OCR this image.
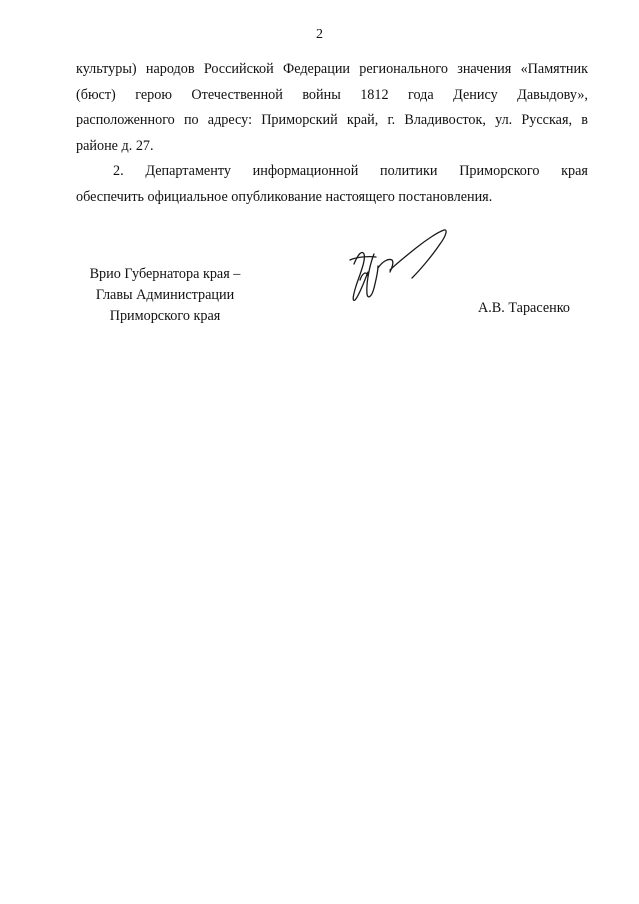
2
культуры) народов Российской Федерации регионального значения «Памятник
(бюст) герою Отечественной войны 1812 года Денису Давыдову»,
расположенного по адресу: Приморский край, г. Владивосток, ул. Русская, в
районе д. 27.
2. Департаменту информационной политики Приморского края
обеспечить официальное опубликование настоящего постановления.
Врио Губернатора края –
Главы Администрации
Приморского края	А.В. Тарасенко
